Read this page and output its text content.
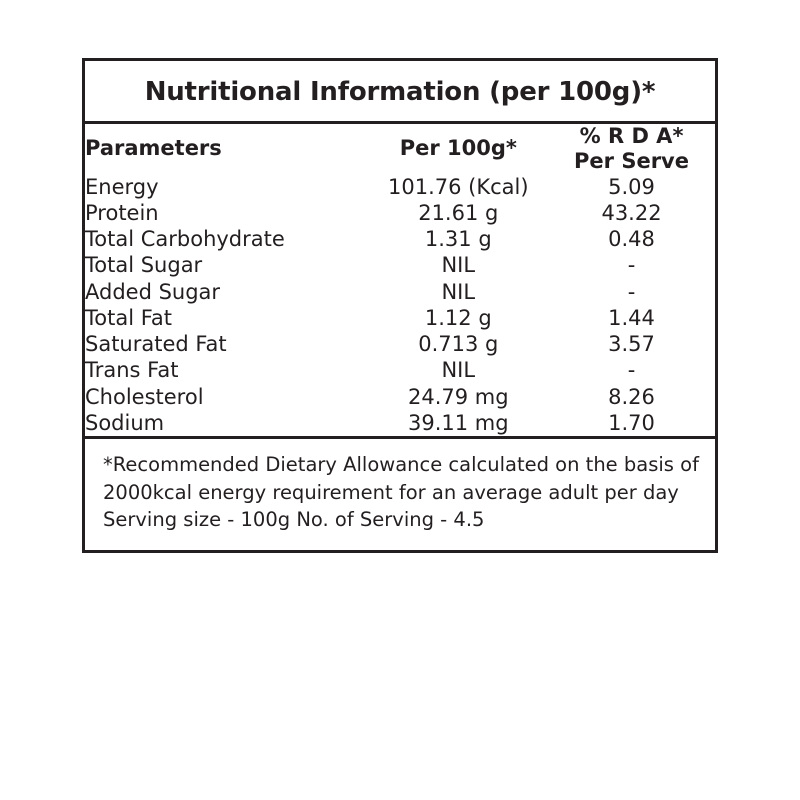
Nutritional Information (per 100g)*
Parameters	Per 100g*	% R D A*
Per Serve

Energy	101.76 (Kcal)	5.09
Protein	21.61 g	43.22
Total Carbohydrate	1.31 g	0.48
Total Sugar	NIL	-
Added Sugar	NIL	-
Total Fat	1.12 g	1.44
Saturated Fat	0.713 g	3.57
Trans Fat	NIL	-
Cholesterol	24.79 mg	8.26
Sodium	39.11 mg	1.70
*Recommended Dietary Allowance calculated on the basis of
2000kcal energy requirement for an average adult per day
Serving size - 100g No. of Serving - 4.5
